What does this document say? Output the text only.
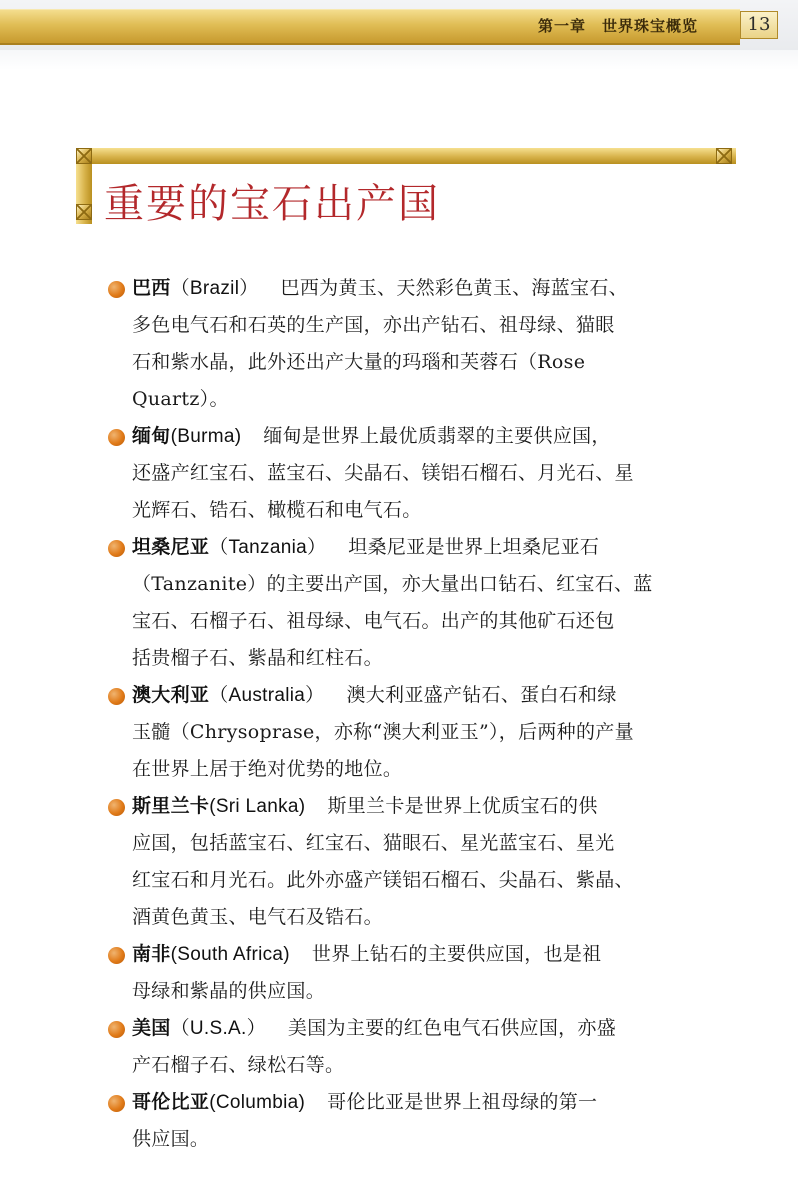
第一章　世界珠宝概览	13
重要的宝石出产国
巴西（Brazil） 巴西为黄玉、天然彩色黄玉、海蓝宝石、
多色电气石和石英的生产国，亦出产钻石、祖母绿、猫眼
石和紫水晶，此外还出产大量的玛瑙和芙蓉石（Rose
Quartz）。
缅甸(Burma) 缅甸是世界上最优质翡翠的主要供应国，
还盛产红宝石、蓝宝石、尖晶石、镁铝石榴石、月光石、星
光辉石、锆石、橄榄石和电气石。
坦桑尼亚（Tanzania） 坦桑尼亚是世界上坦桑尼亚石
（Tanzanite）的主要出产国，亦大量出口钻石、红宝石、蓝
宝石、石榴子石、祖母绿、电气石。出产的其他矿石还包
括贵榴子石、紫晶和红柱石。
澳大利亚（Australia） 澳大利亚盛产钻石、蛋白石和绿
玉髓（Chrysoprase，亦称“澳大利亚玉”），后两种的产量
在世界上居于绝对优势的地位。
斯里兰卡(Sri Lanka) 斯里兰卡是世界上优质宝石的供
应国，包括蓝宝石、红宝石、猫眼石、星光蓝宝石、星光
红宝石和月光石。此外亦盛产镁铝石榴石、尖晶石、紫晶、
酒黄色黄玉、电气石及锆石。
南非(South Africa) 世界上钻石的主要供应国，也是祖
母绿和紫晶的供应国。
美国（U.S.A.） 美国为主要的红色电气石供应国，亦盛
产石榴子石、绿松石等。
哥伦比亚(Columbia) 哥伦比亚是世界上祖母绿的第一
供应国。
